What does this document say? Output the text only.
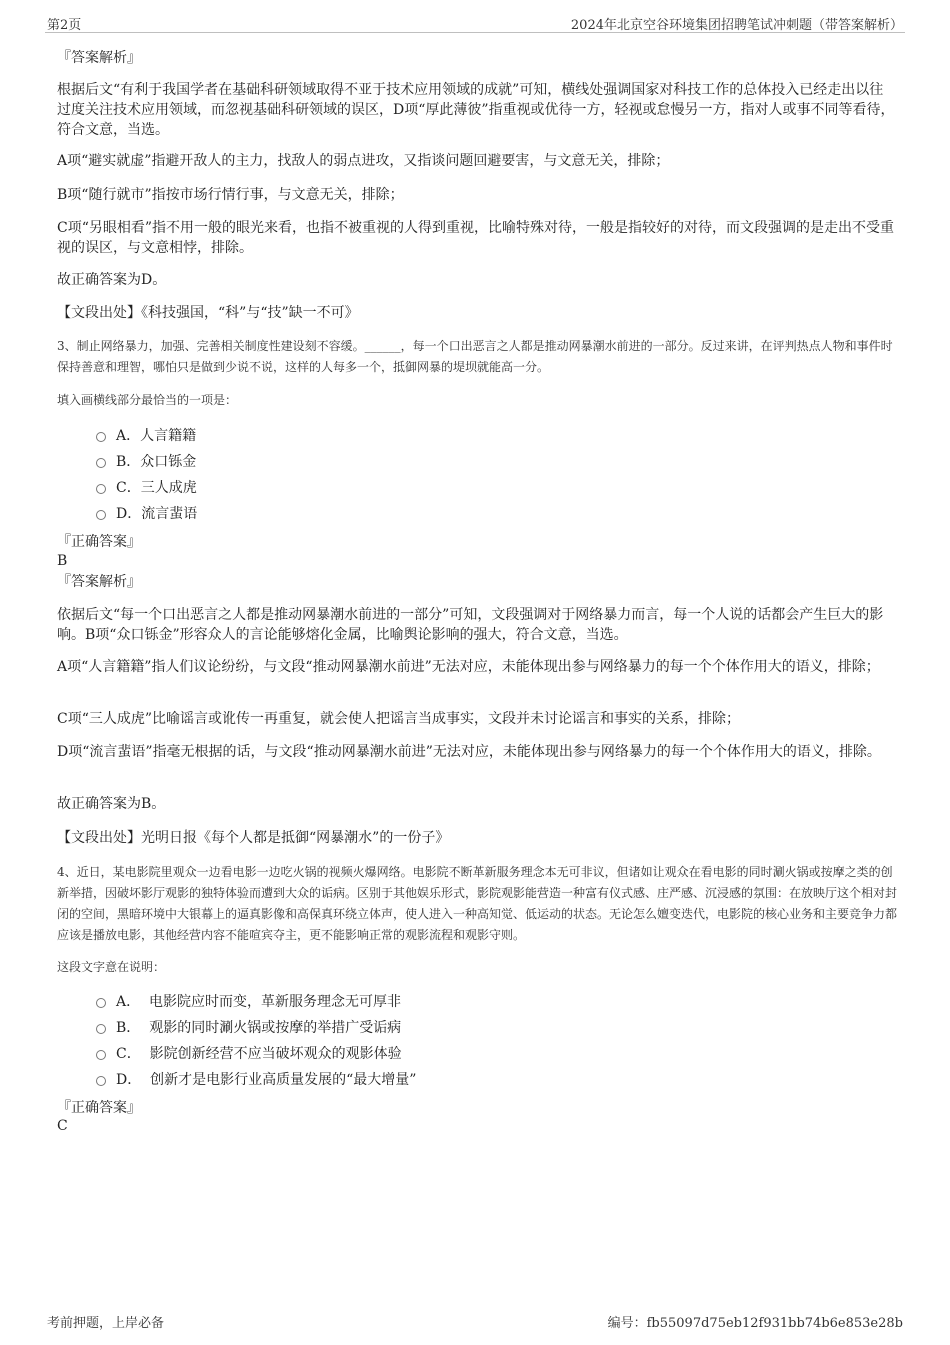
第2页	2024年北京空谷环境集团招聘笔试冲刺题（带答案解析）
『答案解析』
根据后文“有利于我国学者在基础科研领域取得不亚于技术应用领域的成就”可知，横线处强调国家对科技工作的总体投入已经走出以往过度关注技术应用领域，而忽视基础科研领域的误区，D项“厚此薄彼”指重视或优待一方，轻视或怠慢另一方，指对人或事不同等看待，符合文意，当选。
A项“避实就虚”指避开敌人的主力，找敌人的弱点进攻，又指谈问题回避要害，与文意无关，排除；
B项“随行就市”指按市场行情行事，与文意无关，排除；
C项“另眼相看”指不用一般的眼光来看，也指不被重视的人得到重视，比喻特殊对待，一般是指较好的对待，而文段强调的是走出不受重视的误区，与文意相悖，排除。
故正确答案为D。
【文段出处】《科技强国，“科”与“技”缺一不可》
3、制止网络暴力，加强、完善相关制度性建设刻不容缓。______，每一个口出恶言之人都是推动网暴潮水前进的一部分。反过来讲，在评判热点人物和事件时保持善意和理智，哪怕只是做到少说不说，这样的人每多一个，抵御网暴的堤坝就能高一分。
填入画横线部分最恰当的一项是：
A．人言籍籍
B．众口铄金
C．三人成虎
D．流言蜚语
『正确答案』
B
『答案解析』
依据后文“每一个口出恶言之人都是推动网暴潮水前进的一部分”可知，文段强调对于网络暴力而言，每一个人说的话都会产生巨大的影响。B项“众口铄金”形容众人的言论能够熔化金属，比喻舆论影响的强大，符合文意，当选。
A项“人言籍籍”指人们议论纷纷，与文段“推动网暴潮水前进”无法对应，未能体现出参与网络暴力的每一个个体作用大的语义，排除；
C项“三人成虎”比喻谣言或讹传一再重复，就会使人把谣言当成事实，文段并未讨论谣言和事实的关系，排除；
D项“流言蜚语”指毫无根据的话，与文段“推动网暴潮水前进”无法对应，未能体现出参与网络暴力的每一个个体作用大的语义，排除。
故正确答案为B。
【文段出处】光明日报《每个人都是抵御“网暴潮水”的一份子》
4、近日，某电影院里观众一边看电影一边吃火锅的视频火爆网络。电影院不断革新服务理念本无可非议，但诸如让观众在看电影的同时涮火锅或按摩之类的创新举措，因破坏影厅观影的独特体验而遭到大众的诟病。区别于其他娱乐形式，影院观影能营造一种富有仪式感、庄严感、沉浸感的氛围：在放映厅这个相对封闭的空间，黑暗环境中大银幕上的逼真影像和高保真环绕立体声，使人进入一种高知觉、低运动的状态。无论怎么嬗变迭代，电影院的核心业务和主要竞争力都应该是播放电影，其他经营内容不能喧宾夺主，更不能影响正常的观影流程和观影守则。
这段文字意在说明：
A．  电影院应时而变，革新服务理念无可厚非
B．  观影的同时涮火锅或按摩的举措广受诟病
C．  影院创新经营不应当破坏观众的观影体验
D．  创新才是电影行业高质量发展的“最大增量”
『正确答案』
C
考前押题，上岸必备	编号：fb55097d75eb12f931bb74b6e853e28b
